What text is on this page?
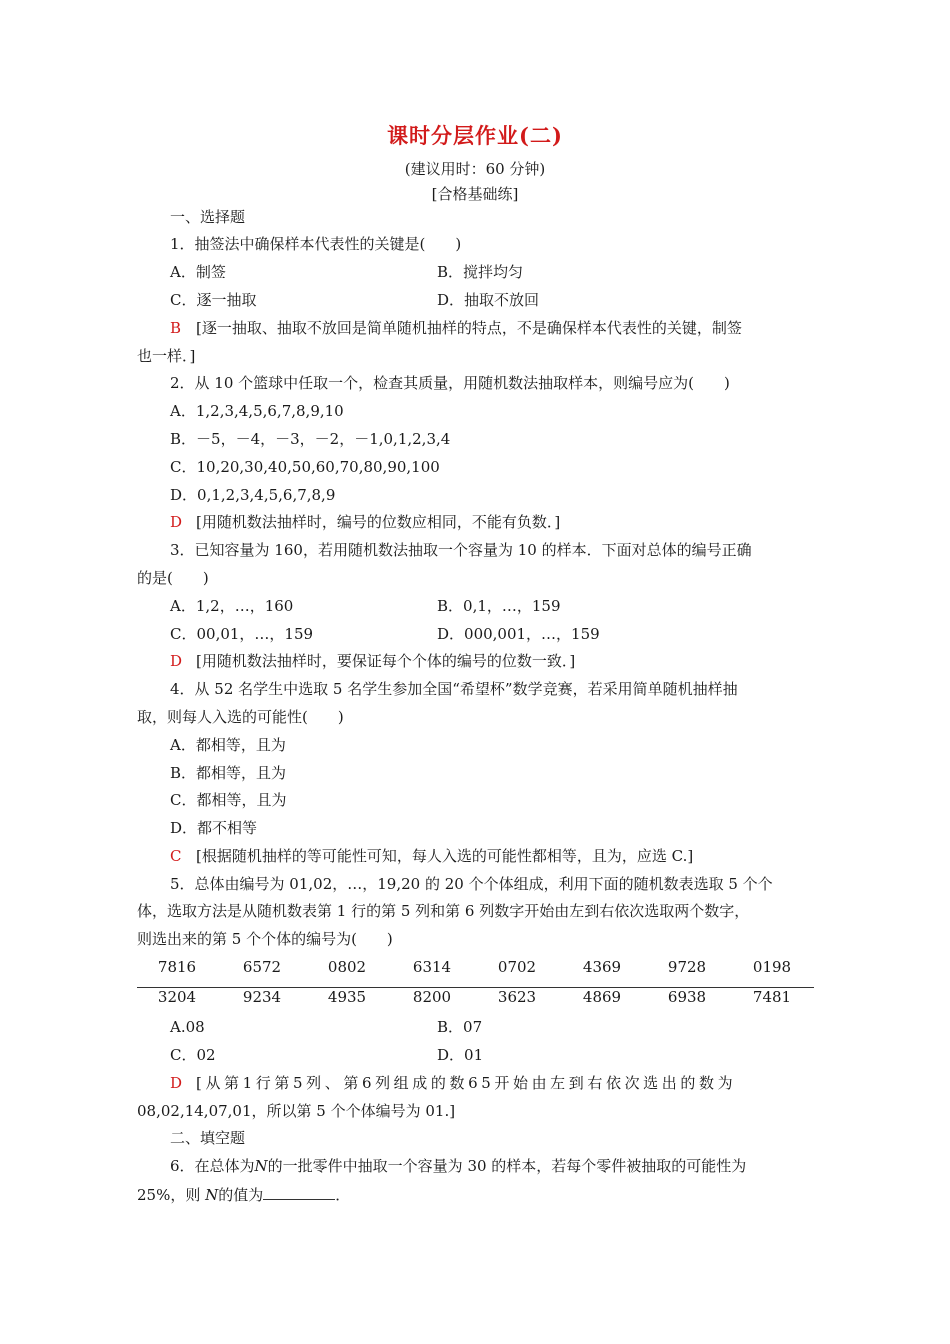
课时分层作业(二)
(建议用时：60 分钟)
[合格基础练]
一、选择题
1．抽签法中确保样本代表性的关键是(　　)
A．制签	B．搅拌均匀
C．逐一抽取	D．抽取不放回
B [逐一抽取、抽取不放回是简单随机抽样的特点，不是确保样本代表性的关键，制签
也一样．]
2．从 10 个篮球中任取一个，检查其质量，用随机数法抽取样本，则编号应为(　　)
A．1,2,3,4,5,6,7,8,9,10
B．－5，－4，－3，－2，－1,0,1,2,3,4
C．10,20,30,40,50,60,70,80,90,100
D．0,1,2,3,4,5,6,7,8,9
D [用随机数法抽样时，编号的位数应相同，不能有负数．]
3．已知容量为 160，若用随机数法抽取一个容量为 10 的样本．下面对总体的编号正确
的是(　　)
A．1,2，…，160	B．0,1，…，159
C．00,01，…，159	D．000,001，…，159
D [用随机数法抽样时，要保证每个个体的编号的位数一致．]
4．从 52 名学生中选取 5 名学生参加全国“希望杯”数学竞赛，若采用简单随机抽样抽
取，则每人入选的可能性(　　)
A．都相等，且为
B．都相等，且为
C．都相等，且为
D．都不相等
C [根据随机抽样的等可能性可知，每人入选的可能性都相等，且为，应选 C.]
5．总体由编号为 01,02，…，19,20 的 20 个个体组成，利用下面的随机数表选取 5 个个
体，选取方法是从随机数表第 1 行的第 5 列和第 6 列数字开始由左到右依次选取两个数字，
则选出来的第 5 个个体的编号为(　　)
7816	6572	0802	6314	0702	4369	9728	0198
3204	9234	4935	8200	3623	4869	6938	7481
A.08	B．07
C．02	D．01
D [从第1行第5列、第6列组成的数65开始由左到右依次选出的数为
08,02,14,07,01，所以第 5 个个体编号为 01.]
二、填空题
6．在总体为N的一批零件中抽取一个容量为 30 的样本，若每个零件被抽取的可能性为
25%，则 N的值为	．
